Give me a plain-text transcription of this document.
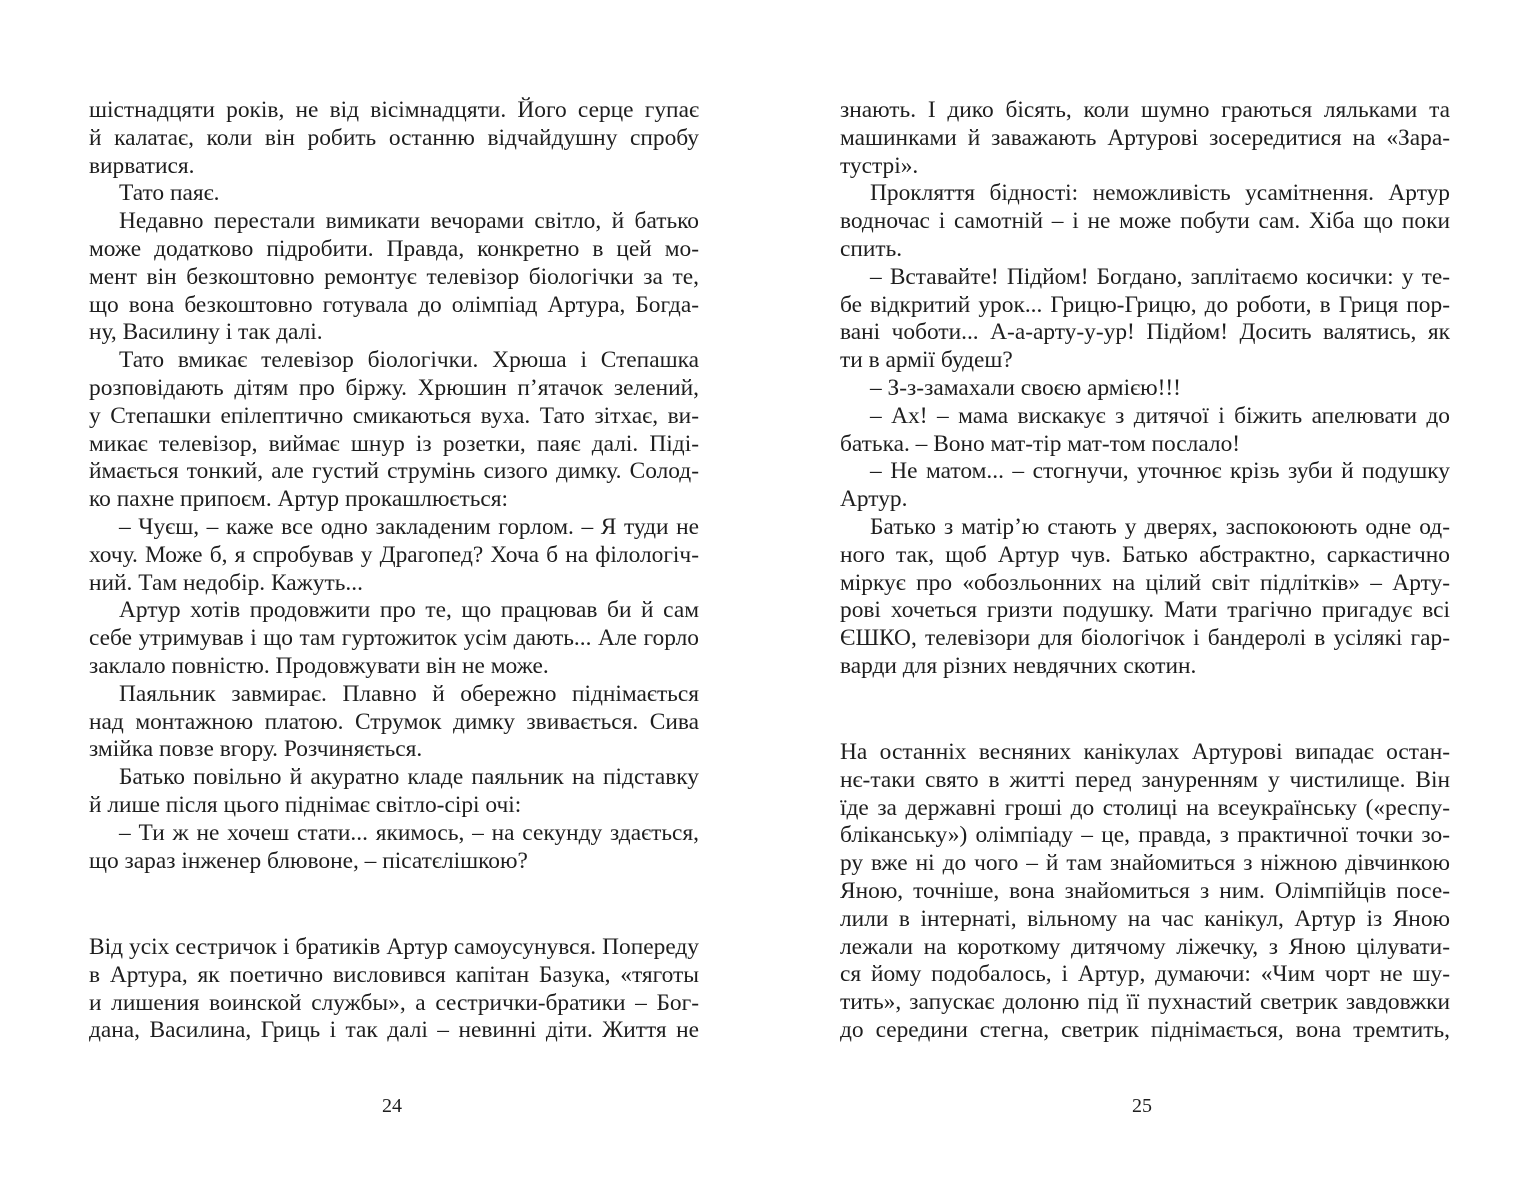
шістнадцяти років, не від вісімнадцяти. Його серце гупає
й калатає, коли він робить останню відчайдушну спробу
вирватися.
Тато паяє.
Недавно перестали вимикати вечорами світло, й батько
може додатково підробити. Правда, конкретно в цей мо-
мент він безкоштовно ремонтує телевізор біологічки за те,
що вона безкоштовно готувала до олімпіад Артура, Богда-
ну, Василину і так далі.
Тато вмикає телевізор біологічки. Хрюша і Степашка
розповідають дітям про біржу. Хрюшин п’ятачок зелений,
у Степашки епілептично смикаються вуха. Тато зітхає, ви-
микає телевізор, виймає шнур із розетки, паяє далі. Піді-
ймається тонкий, але густий струмінь сизого димку. Солод-
ко пахне припоєм. Артур прокашлюється:
– Чуєш, – каже все одно закладеним горлом. – Я туди не
хочу. Може б, я спробував у Драгопед? Хоча б на філологіч-
ний. Там недобір. Кажуть...
Артур хотів продовжити про те, що працював би й сам
себе утримував і що там гуртожиток усім дають... Але горло
заклало повністю. Продовжувати він не може.
Паяльник завмирає. Плавно й обережно піднімається
над монтажною платою. Струмок димку звивається. Сива
змійка повзе вгору. Розчиняється.
Батько повільно й акуратно кладе паяльник на підставку
й лише після цього піднімає світло-сірі очі:
– Ти ж не хочеш стати... якимось, – на секунду здається,
що зараз інженер блювоне, – пісатєлішкою?
Від усіх сестричок і братиків Артур самоусунувся. Попереду
в Артура, як поетично висловився капітан Базука, «тяготы
и лишения воинской службы», а сестрички-братики – Бог-
дана, Василина, Гриць і так далі – невинні діти. Життя не
24
знають. І дико бісять, коли шумно граються ляльками та
машинками й заважають Артурові зосередитися на «Зара-
тустрі».
Прокляття бідності: неможливість усамітнення. Артур
водночас і самотній – і не може побути сам. Хіба що поки
спить.
– Вставайте! Підйом! Богдано, заплітаємо косички: у те-
бе відкритий урок... Грицю-Грицю, до роботи, в Гриця пор-
вані чоботи... А-а-арту-у-ур! Підйом! Досить валятись, як
ти в армії будеш?
– З-з-замахали своєю армією!!!
– Ах! – мама вискакує з дитячої і біжить апелювати до
батька. – Воно мат-тір мат-том послало!
– Не матом... – стогнучи, уточнює крізь зуби й подушку
Артур.
Батько з матір’ю стають у дверях, заспокоюють одне од-
ного так, щоб Артур чув. Батько абстрактно, саркастично
міркує про «обозльонних на цілий світ підлітків» – Арту-
рові хочеться гризти подушку. Мати трагічно пригадує всі
ЄШКО, телевізори для біологічок і бандеролі в усілякі гар-
варди для різних невдячних скотин.
На останніх весняних канікулах Артурові випадає остан-
нє-таки свято в житті перед зануренням у чистилище. Він
їде за державні гроші до столиці на всеукраїнську («респу-
бліканську») олімпіаду – це, правда, з практичної точки зо-
ру вже ні до чого – й там знайомиться з ніжною дівчинкою
Яною, точніше, вона знайомиться з ним. Олімпійців посе-
лили в інтернаті, вільному на час канікул, Артур із Яною
лежали на короткому дитячому ліжечку, з Яною цілувати-
ся йому подобалось, і Артур, думаючи: «Чим чорт не шу-
тить», запускає долоню під її пухнастий светрик завдовжки
до середини стегна, светрик піднімається, вона тремтить,
25
